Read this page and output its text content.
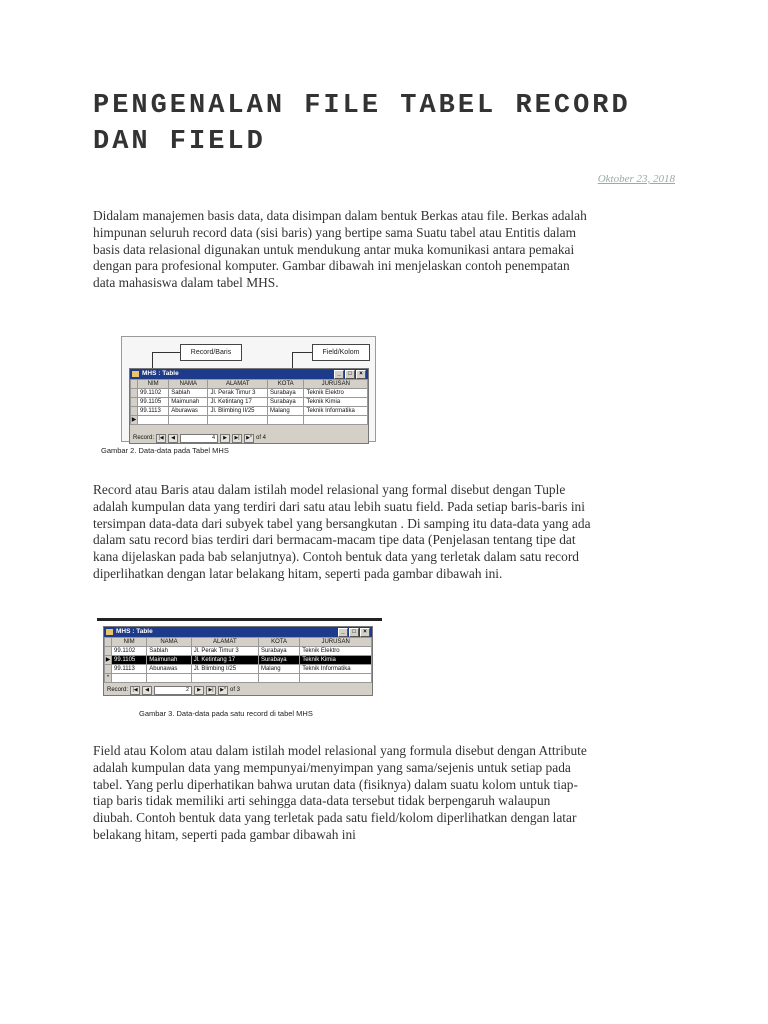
PENGENALAN FILE TABEL RECORD DAN FIELD
Oktober 23, 2018

Didalam manajemen basis data, data disimpan dalam bentuk Berkas atau file. Berkas adalah himpunan seluruh record data (sisi baris) yang bertipe sama Suatu tabel atau Entitis dalam basis data relasional digunakan untuk mendukung antar muka komunikasi antara pemakai dengan para profesional komputer. Gambar dibawah ini menjelaskan contoh penempatan data mahasiswa dalam tabel MHS.

Record/Baris	Field/Kolom
MHS : Table	_	□	×
	NIM	NAMA	ALAMAT	KOTA	JURUSAN
	99.1102	Sablah	Jl. Perak Timur 3	Surabaya	Teknik Elektro
	99.1105	Maimunah	Jl. Ketintang 17	Surabaya	Teknik Kimia
	99.1113	Aburawas	Jl. Blimbing II/25	Malang	Teknik Informatika
▶					
Record: |◀	◀	4	▶	▶|	▶* of 4
Gambar 2. Data-data pada Tabel MHS

Record atau Baris atau dalam istilah model relasional yang formal disebut dengan Tuple adalah kumpulan data yang terdiri dari satu atau lebih suatu field. Pada setiap baris-baris ini tersimpan data-data dari subyek tabel yang bersangkutan . Di samping itu data-data yang ada dalam satu record bias terdiri dari bermacam-macam tipe data (Penjelasan tentang tipe dat kana dijelaskan pada bab selanjutnya). Contoh bentuk data yang terletak dalam satu record diperlihatkan dengan latar belakang hitam, seperti pada gambar dibawah ini.

MHS : Table	_	□	×
	NIM	NAMA	ALAMAT	KOTA	JURUSAN
	99.1102	Sablah	Jl. Perak Timur 3	Surabaya	Teknik Elektro
▶	99.1105	Maimunah	Jl. Ketintang 17	Surabaya	Teknik Kimia
	99.1113	Abunawas	Jl. Blimbing I/25	Malang	Teknik Informatika
*					
Record: |◀	◀	2	▶	▶|	▶* of 3
Gambar 3. Data-data pada satu record di tabel MHS

Field atau Kolom atau dalam istilah model relasional yang formula disebut dengan Attribute adalah kumpulan data yang mempunyai/menyimpan yang sama/sejenis untuk setiap pada tabel. Yang perlu diperhatikan bahwa urutan data (fisiknya) dalam suatu kolom untuk tiap-tiap baris tidak memiliki arti sehingga data-data tersebut tidak berpengaruh walaupun diubah. Contoh bentuk data yang terletak pada satu field/kolom diperlihatkan dengan latar belakang hitam, seperti pada gambar dibawah ini
